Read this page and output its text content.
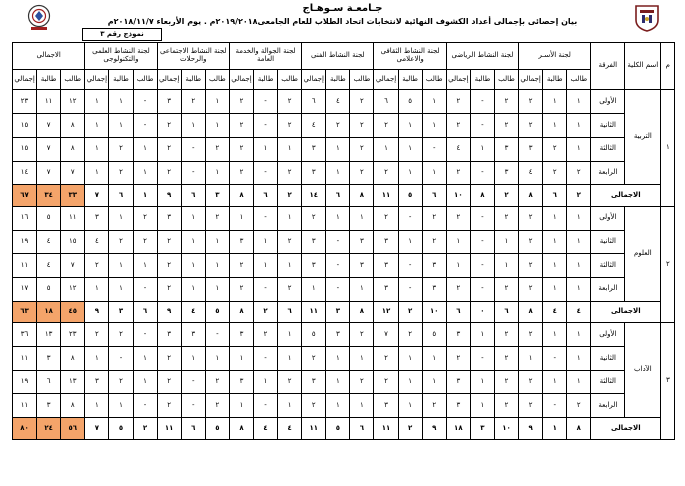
جـامعـة سـوهـاج
بيان إحصائى بإجمالى أعداد الكشوف النهائية لانتخابات اتحاد الطلاب للعام الجامعى٢٠١٩/٢٠١٨م . يوم الأربعاء ٢٠١٨/١١/٧م
نموذج رقم ٣
م	اسم الكلية	الفرقة	لجنة الأسـر			لجنة النشاط الرياضى			لجنة النشاط الثقافى والاعلامى			لجنة النشاط الفنى			لجنة الجوالة والخدمة العامة			لجنة النشاط الاجتماعى والرحلات			لجنة النشاط العلمى والتكنولوجى			الاجمالى		
			طالب	طالبة	إجمالي	طالب	طالبة	إجمالي	طالب	طالبة	إجمالي	طالب	طالبة	إجمالي	طالب	طالبة	إجمالي	طالب	طالبة	إجمالي	طالب	طالبة	إجمالي	طالب	طالبة	إجمالي
١	التربية	الأولى	١	١	٢	٢	-	٢	١	٥	٦	٢	٤	٦	٢	-	٢	١	٢	٣	-	١	١	١٢	١١	٢٣
		الثانية	١	١	٢	٢	-	٢	١	١	٢	٢	٢	٤	٢	-	٢	١	١	٢	-	١	١	٨	٧	١٥
		الثالثة	١	٢	٣	٣	١	٤	-	١	١	٢	١	٣	١	١	٢	٢	-	٢	١	٢	١	٨	٧	١٥
		الرابعة	٢	٢	٤	٣	-	٢	١	١	٢	٢	١	٣	٢	-	٢	١	-	٢	١	٢	١	٧	٧	١٤
	الاجمالى		٢	٦	٨	٢	٨	١٠	٦	٥	١١	٨	٦	١٤	٢	٦	٨	٣	٦	٩	١	٦	٧	٣٣	٣٤	٦٧
٢	العلوم	الأولى	١	١	٢	٢	-	٢	٢	-	٢	١	١	٢	١	-	١	٢	١	٣	٢	١	٣	١١	٥	١٦
		الثانية	١	١	٢	١	-	١	٢	١	٣	٣	-	٣	٢	١	٣	١	١	٢	٢	٢	٤	١٥	٤	١٩
		الثالثة	١	١	٢	١	-	١	٣	-	٣	٣	-	٣	١	١	٢	١	١	٢	١	١	٢	٧	٤	١١
		الرابعة	١	١	٢	٢	-	٢	٣	-	٣	١	-	١	٢	-	٢	١	١	٢	-	١	١	١٢	٥	١٧
	الاجمالى		٤	٤	٨	٦	٠	٦	١٠	٢	١٢	٨	٣	١١	٦	٢	٨	٥	٤	٩	٦	٣	٩	٤٥	١٨	٦٣
٣	الآداب	الأولى	١	١	٢	٢	١	٣	٥	٢	٧	٢	٣	٥	١	٢	٣	-	٣	٣	-	٢	٢	٢٣	١٣	٣٦
		الثانية	١	-	١	٢	-	٢	١	١	٢	١	١	٢	١	-	١	١	١	٢	١	-	١	٨	٣	١١
		الثالثة	١	١	٢	٢	١	٣	١	١	٢	٢	١	٣	٢	١	٣	٢	-	٢	١	٢	٣	١٣	٦	١٩
		الرابعة	٢	-	٢	٢	١	٣	٢	١	٣	١	١	٢	١	-	١	٢	-	٢	-	١	١	٨	٣	١١
	الاجمالى		٨	١	٩	١٠	٣	١٨	٩	٢	١١	٦	٥	١١	٤	٤	٨	٥	٦	١١	٢	٥	٧	٥٦	٢٤	٨٠
